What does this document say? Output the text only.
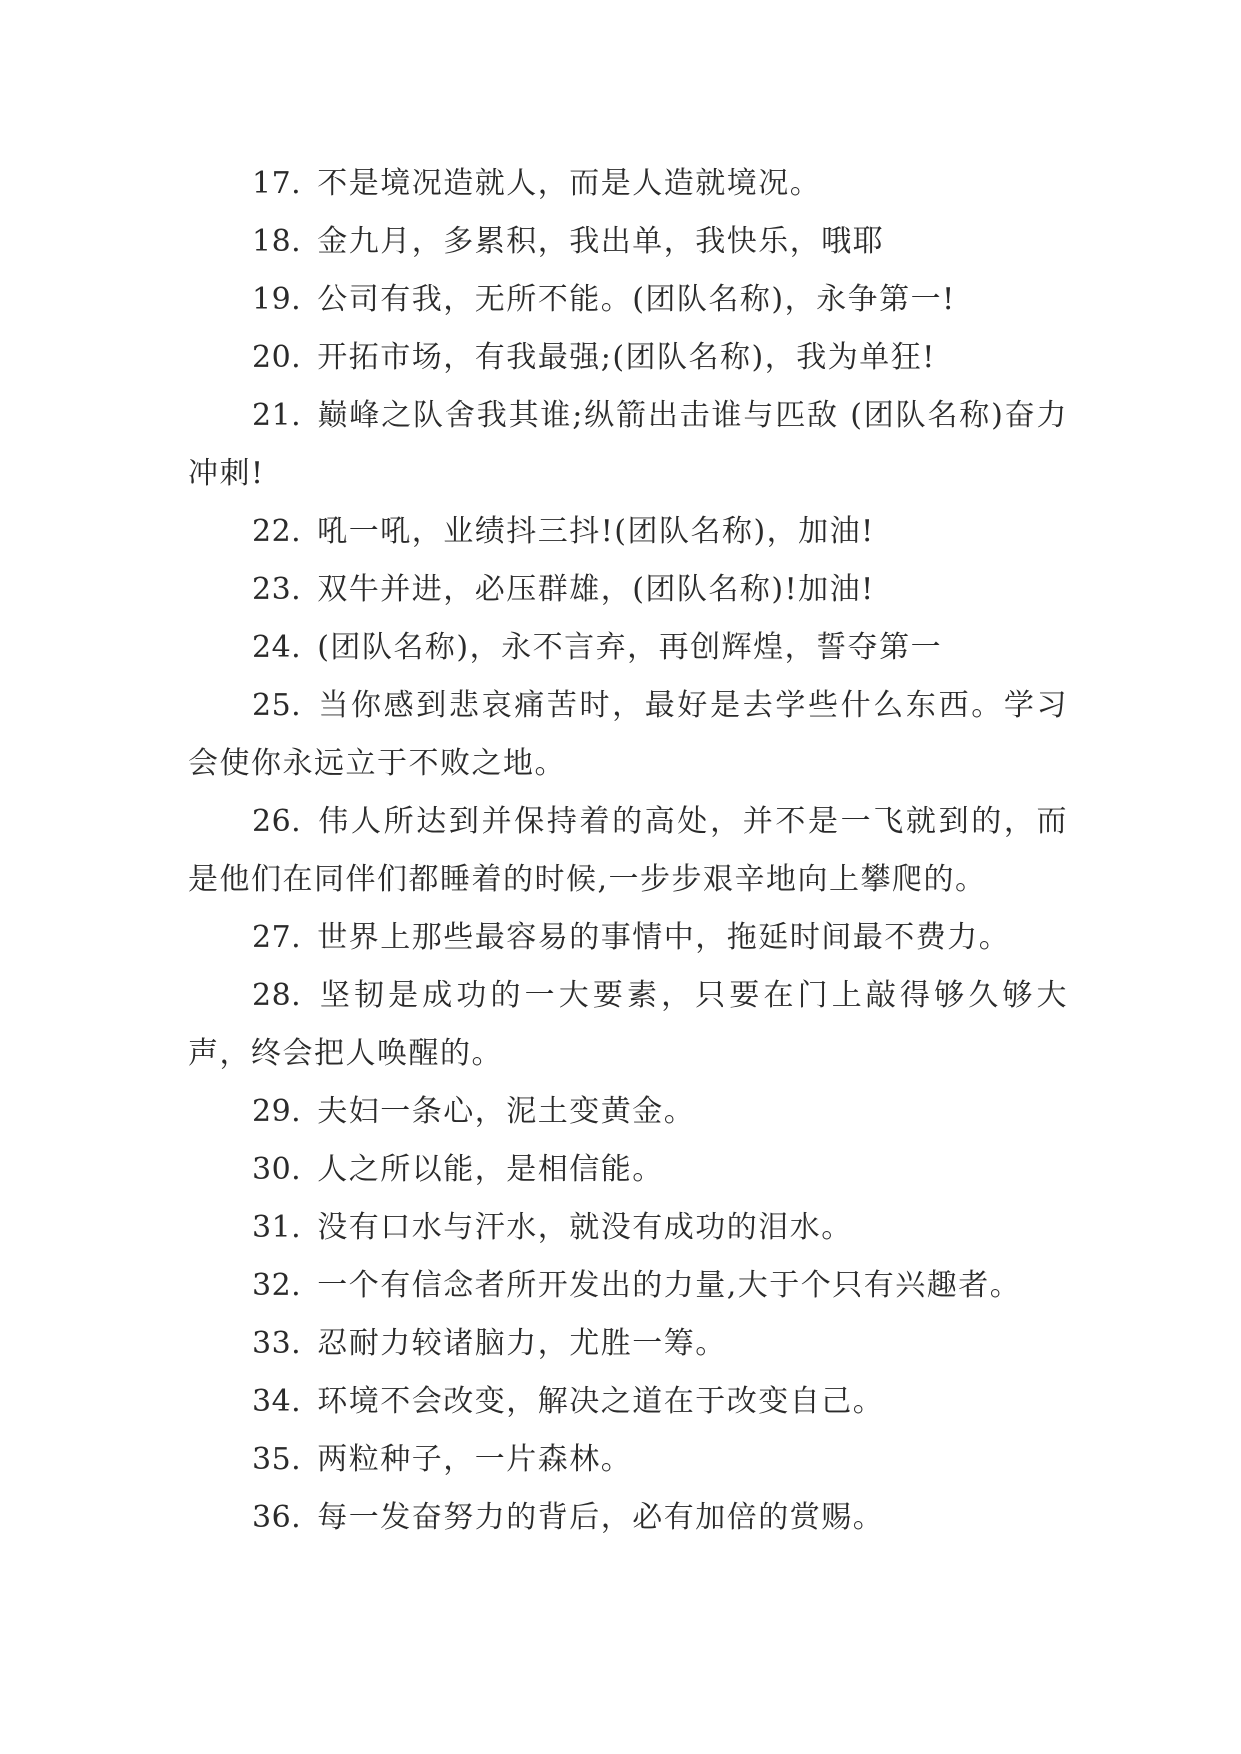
17. 不是境况造就人，而是人造就境况。

18. 金九月，多累积，我出单，我快乐，哦耶

19. 公司有我，无所不能。(团队名称)，永争第一!

20. 开拓市场，有我最强;(团队名称)，我为单狂!

21. 巅峰之队舍我其谁;纵箭出击谁与匹敌 (团队名称)奋力冲刺!

22. 吼一吼，业绩抖三抖!(团队名称)，加油!

23. 双牛并进，必压群雄，(团队名称)!加油!

24. (团队名称)，永不言弃，再创辉煌，誓夺第一

25. 当你感到悲哀痛苦时，最好是去学些什么东西。学习会使你永远立于不败之地。

26. 伟人所达到并保持着的高处，并不是一飞就到的，而是他们在同伴们都睡着的时候,一步步艰辛地向上攀爬的。

27. 世界上那些最容易的事情中，拖延时间最不费力。

28. 坚韧是成功的一大要素，只要在门上敲得够久够大声，终会把人唤醒的。

29. 夫妇一条心，泥土变黄金。

30. 人之所以能，是相信能。

31. 没有口水与汗水，就没有成功的泪水。

32. 一个有信念者所开发出的力量,大于个只有兴趣者。

33. 忍耐力较诸脑力，尤胜一筹。

34. 环境不会改变，解决之道在于改变自己。

35. 两粒种子，一片森林。

36. 每一发奋努力的背后，必有加倍的赏赐。
